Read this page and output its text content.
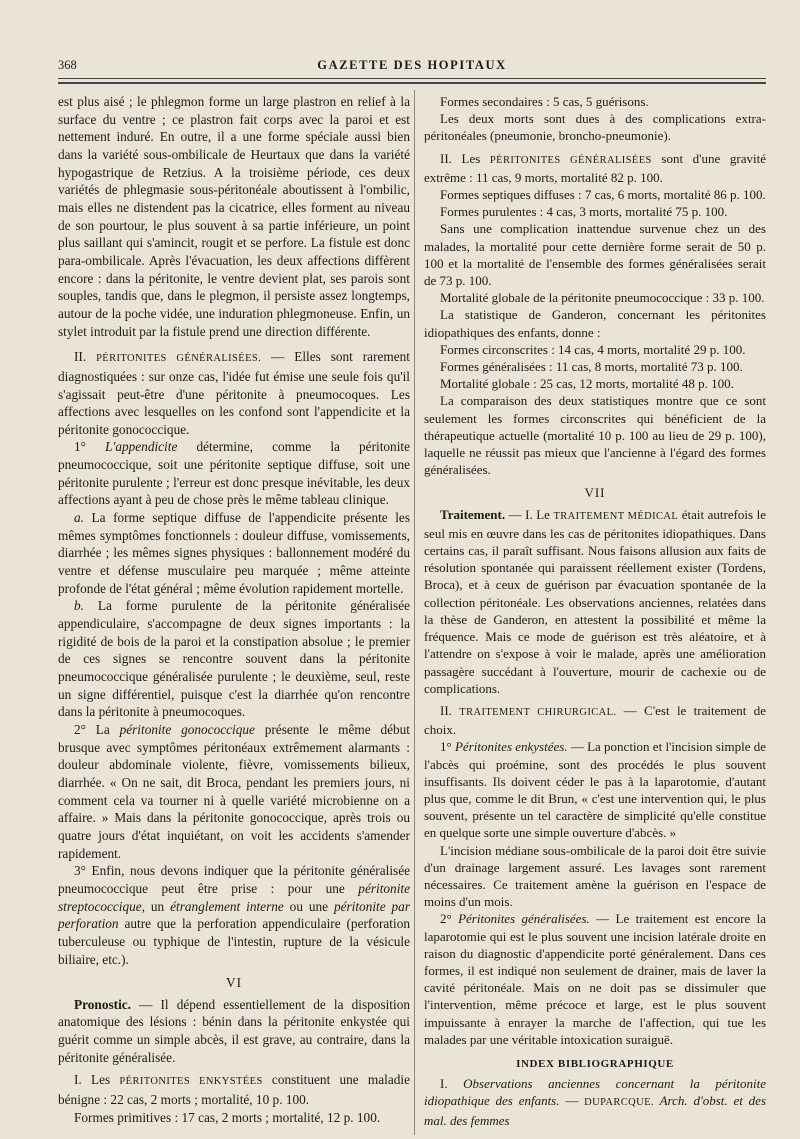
368	GAZETTE DES HOPITAUX

est plus aisé ; le phlegmon forme un large plastron en relief à la surface du ventre ; ce plastron fait corps avec la paroi et est nettement induré. En outre, il a une forme spéciale aussi bien dans la variété sous-ombilicale de Heurtaux que dans la variété hypogastrique de Retzius. A la troisième période, ces deux variétés de phlegmasie sous-péritonéale aboutissent à l'ombilic, mais elles ne distendent pas la cicatrice, elles forment au niveau de son pourtour, le plus souvent à sa partie inférieure, un point plus saillant qui s'amincit, rougit et se perfore. La fistule est donc para-ombilicale. Après l'évacuation, les deux affections diffèrent encore : dans la péritonite, le ventre devient plat, ses parois sont souples, tandis que, dans le plegmon, il persiste assez longtemps, autour de la poche vidée, une induration phlegmoneuse. Enfin, un stylet introduit par la fistule prend une direction différente.

II. PÉRITONITES GÉNÉRALISÉES. — Elles sont rarement diagnostiquées : sur onze cas, l'idée fut émise une seule fois qu'il s'agissait peut-être d'une péritonite à pneumocoques. Les affections avec lesquelles on les confond sont l'appendicite et la péritonite gonococcique.

1° L'appendicite détermine, comme la péritonite pneumococcique, soit une péritonite septique diffuse, soit une péritonite purulente ; l'erreur est donc presque inévitable, les deux affections ayant à peu de chose près le même tableau clinique.

a. La forme septique diffuse de l'appendicite présente les mêmes symptômes fonctionnels : douleur diffuse, vomissements, diarrhée ; les mêmes signes physiques : ballonnement modéré du ventre et défense musculaire peu marquée ; même atteinte profonde de l'état général ; même évolution rapidement mortelle.

b. La forme purulente de la péritonite généralisée appendiculaire, s'accompagne de deux signes importants : la rigidité de bois de la paroi et la constipation absolue ; le premier de ces signes se rencontre souvent dans la péritonite pneumococcique généralisée purulente ; le deuxième, seul, reste un signe différentiel, puisque c'est la diarrhée qu'on rencontre dans la péritonite à pneumocoques.

2° La péritonite gonococcique présente le même début brusque avec symptômes péritonéaux extrêmement alarmants : douleur abdominale violente, fièvre, vomissements bilieux, diarrhée. « On ne sait, dit Broca, pendant les premiers jours, ni comment cela va tourner ni à quelle variété microbienne on a affaire. » Mais dans la péritonite gonococcique, après trois ou quatre jours d'état inquiétant, on voit les accidents s'amender rapidement.

3° Enfin, nous devons indiquer que la péritonite généralisée pneumococcique peut être prise : pour une péritonite streptococcique, un étranglement interne ou une péritonite par perforation autre que la perforation appendiculaire (perforation tuberculeuse ou typhique de l'intestin, rupture de la vésicule biliaire, etc.).

VI

Pronostic. — Il dépend essentiellement de la disposition anatomique des lésions : bénin dans la péritonite enkystée qui guérit comme un simple abcès, il est grave, au contraire, dans la péritonite généralisée.

I. Les PÉRITONITES ENKYSTÉES constituent une maladie bénigne : 22 cas, 2 morts ; mortalité, 10 p. 100.

Formes primitives : 17 cas, 2 morts ; mortalité, 12 p. 100.

Formes secondaires : 5 cas, 5 guérisons.

Les deux morts sont dues à des complications extra-péritonéales (pneumonie, broncho-pneumonie).

II. Les PÉRITONITES GÉNÉRALISÉES sont d'une gravité extrême : 11 cas, 9 morts, mortalité 82 p. 100.

Formes septiques diffuses : 7 cas, 6 morts, mortalité 86 p. 100.

Formes purulentes : 4 cas, 3 morts, mortalité 75 p. 100.

Sans une complication inattendue survenue chez un des malades, la mortalité pour cette dernière forme serait de 50 p. 100 et la mortalité de l'ensemble des formes généralisées serait de 73 p. 100.

Mortalité globale de la péritonite pneumococcique : 33 p. 100.

La statistique de Ganderon, concernant les péritonites idiopathiques des enfants, donne :

Formes circonscrites : 14 cas, 4 morts, mortalité 29 p. 100.

Formes généralisées : 11 cas, 8 morts, mortalité 73 p. 100.

Mortalité globale : 25 cas, 12 morts, mortalité 48 p. 100.

La comparaison des deux statistiques montre que ce sont seulement les formes circonscrites qui bénéficient de la thérapeutique actuelle (mortalité 10 p. 100 au lieu de 29 p. 100), laquelle ne réussit pas mieux que l'ancienne à l'égard des formes généralisées.

VII

Traitement. — I. Le TRAITEMENT MÉDICAL était autrefois le seul mis en œuvre dans les cas de péritonites idiopathiques. Dans certains cas, il paraît suffisant. Nous faisons allusion aux faits de résolution spontanée qui paraissent réellement exister (Tordens, Broca), et à ceux de guérison par évacuation spontanée de la collection péritonéale. Les observations anciennes, relatées dans la thèse de Ganderon, en attestent la possibilité et même la fréquence. Mais ce mode de guérison est très aléatoire, et à l'attendre on s'expose à voir le malade, après une amélioration passagère succédant à l'ouverture, mourir de cachexie ou de complications.

II. TRAITEMENT CHIRURGICAL. — C'est le traitement de choix.

1° Péritonites enkystées. — La ponction et l'incision simple de l'abcès qui proémine, sont des procédés le plus souvent insuffisants. Ils doivent céder le pas à la laparotomie, d'autant plus que, comme le dit Brun, « c'est une intervention qui, le plus souvent, présente un tel caractère de simplicité qu'elle constitue en quelque sorte une simple ouverture d'abcès. »

L'incision médiane sous-ombilicale de la paroi doit être suivie d'un drainage largement assuré. Les lavages sont rarement nécessaires. Ce traitement amène la guérison en l'espace de moins d'un mois.

2° Péritonites généralisées. — Le traitement est encore la laparotomie qui est le plus souvent une incision latérale droite en raison du diagnostic d'appendicite porté généralement. Dans ces formes, il est indiqué non seulement de drainer, mais de laver la cavité péritonéale. Mais on ne doit pas se dissimuler que l'intervention, même précoce et large, est le plus souvent impuissante à enrayer la marche de l'affection, qui tue les malades par une véritable intoxication suraiguë.

INDEX BIBLIOGRAPHIQUE

I. Observations anciennes concernant la péritonite idiopathique des enfants. — DUPARCQUE. Arch. d'obst. et des mal. des femmes
